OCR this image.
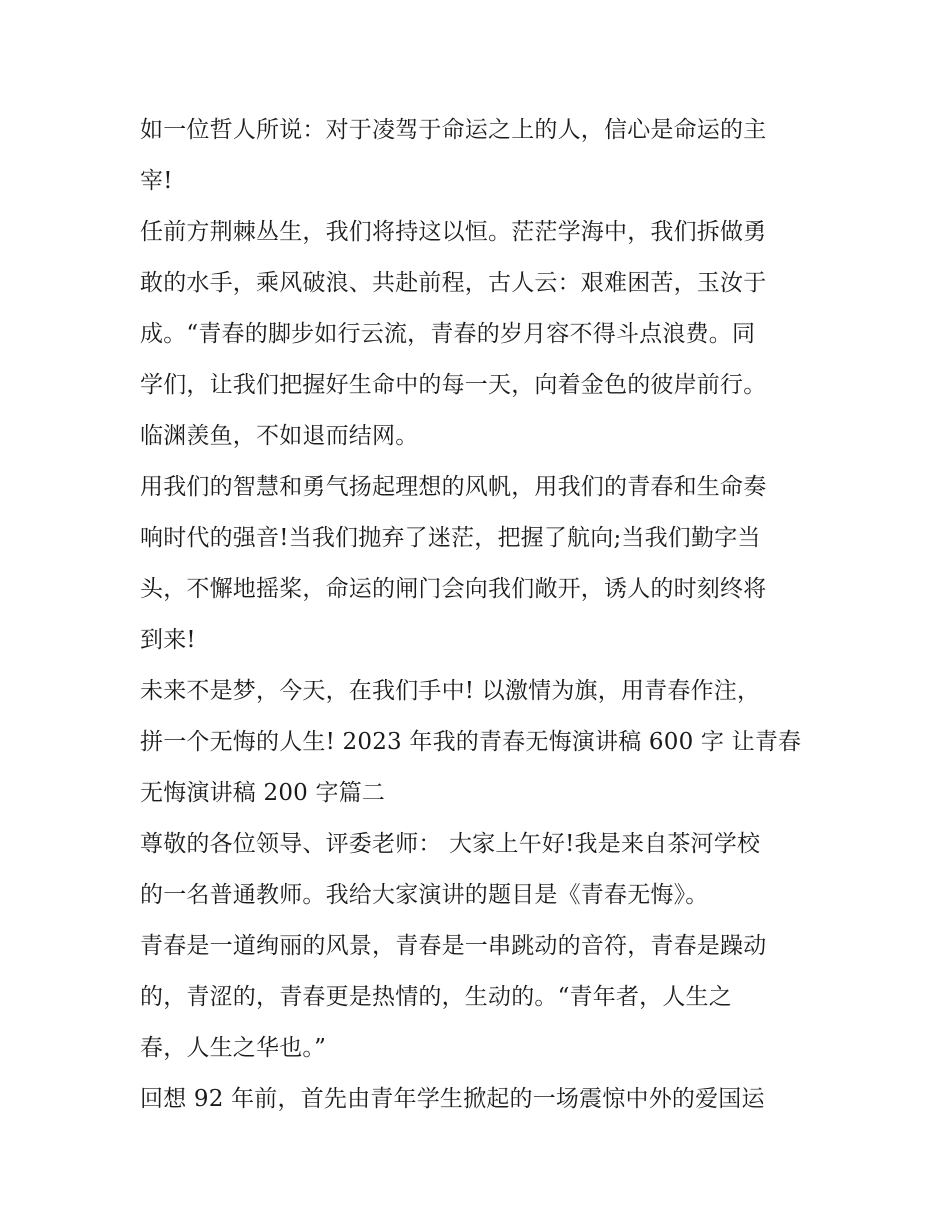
如一位哲人所说：对于凌驾于命运之上的人，信心是命运的主
宰!
任前方荆棘丛生，我们将持这以恒。茫茫学海中，我们拆做勇
敢的水手，乘风破浪、共赴前程，古人云：艰难困苦，玉汝于
成。“青春的脚步如行云流，青春的岁月容不得斗点浪费。同
学们，让我们把握好生命中的每一天，向着金色的彼岸前行。
临渊羡鱼，不如退而结网。
用我们的智慧和勇气扬起理想的风帆，用我们的青春和生命奏
响时代的强音!当我们抛弃了迷茫，把握了航向;当我们勤字当
头，不懈地摇桨，命运的闸门会向我们敞开，诱人的时刻终将
到来!
未来不是梦，今天，在我们手中! 以激情为旗，用青春作注，
拼一个无悔的人生! 2023 年我的青春无悔演讲稿 600 字 让青春
无悔演讲稿 200 字篇二
尊敬的各位领导、评委老师： 大家上午好!我是来自茶河学校
的一名普通教师。我给大家演讲的题目是《青春无悔》。
青春是一道绚丽的风景，青春是一串跳动的音符，青春是躁动
的，青涩的，青春更是热情的，生动的。“青年者，人生之
春，人生之华也。”
回想 92 年前，首先由青年学生掀起的一场震惊中外的爱国运
